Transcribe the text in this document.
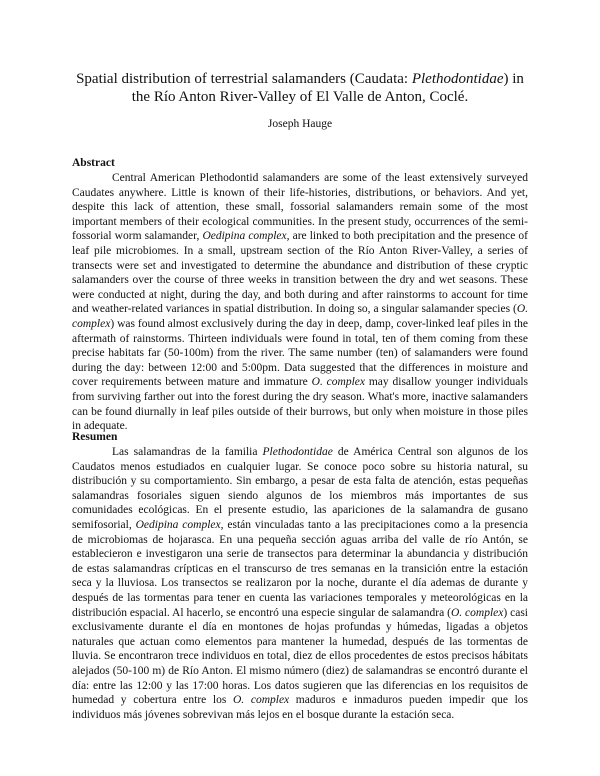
Spatial distribution of terrestrial salamanders (Caudata: Plethodontidae) in the Río Anton River-Valley of El Valle de Anton, Coclé.
Joseph Hauge
Abstract

Central American Plethodontid salamanders are some of the least extensively surveyed Caudates anywhere. Little is known of their life-histories, distributions, or behaviors. And yet, despite this lack of attention, these small, fossorial salamanders remain some of the most important members of their ecological communities. In the present study, occurrences of the semi-fossorial worm salamander, Oedipina complex, are linked to both precipitation and the presence of leaf pile microbiomes. In a small, upstream section of the Río Anton River-Valley, a series of transects were set and investigated to determine the abundance and distribution of these cryptic salamanders over the course of three weeks in transition between the dry and wet seasons. These were conducted at night, during the day, and both during and after rainstorms to account for time and weather-related variances in spatial distribution. In doing so, a singular salamander species (O. complex) was found almost exclusively during the day in deep, damp, cover-linked leaf piles in the aftermath of rainstorms. Thirteen individuals were found in total, ten of them coming from these precise habitats far (50-100m) from the river. The same number (ten) of salamanders were found during the day: between 12:00 and 5:00pm. Data suggested that the differences in moisture and cover requirements between mature and immature O. complex may disallow younger individuals from surviving farther out into the forest during the dry season. What's more, inactive salamanders can be found diurnally in leaf piles outside of their burrows, but only when moisture in those piles in adequate.

Resumen

Las salamandras de la familia Plethodontidae de América Central son algunos de los Caudatos menos estudiados en cualquier lugar. Se conoce poco sobre su historia natural, su distribución y su comportamiento. Sin embargo, a pesar de esta falta de atención, estas pequeñas salamandras fosoriales siguen siendo algunos de los miembros más importantes de sus comunidades ecológicas. En el presente estudio, las apariciones de la salamandra de gusano semifosorial, Oedipina complex, están vinculadas tanto a las precipitaciones como a la presencia de microbiomas de hojarasca. En una pequeña sección aguas arriba del valle de río Antón, se establecieron e investigaron una serie de transectos para determinar la abundancia y distribución de estas salamandras crípticas en el transcurso de tres semanas en la transición entre la estación seca y la lluviosa. Los transectos se realizaron por la noche, durante el día ademas de durante y después de las tormentas para tener en cuenta las variaciones temporales y meteorológicas en la distribución espacial. Al hacerlo, se encontró una especie singular de salamandra (O. complex) casi exclusivamente durante el día en montones de hojas profundas y húmedas, ligadas a objetos naturales que actuan como elementos para mantener la humedad, después de las tormentas de lluvia. Se encontraron trece individuos en total, diez de ellos procedentes de estos precisos hábitats alejados (50-100 m) de Río Anton. El mismo número (diez) de salamandras se encontró durante el día: entre las 12:00 y las 17:00 horas. Los datos sugieren que las diferencias en los requisitos de humedad y cobertura entre los O. complex maduros e inmaduros pueden impedir que los individuos más jóvenes sobrevivan más lejos en el bosque durante la estación seca.
